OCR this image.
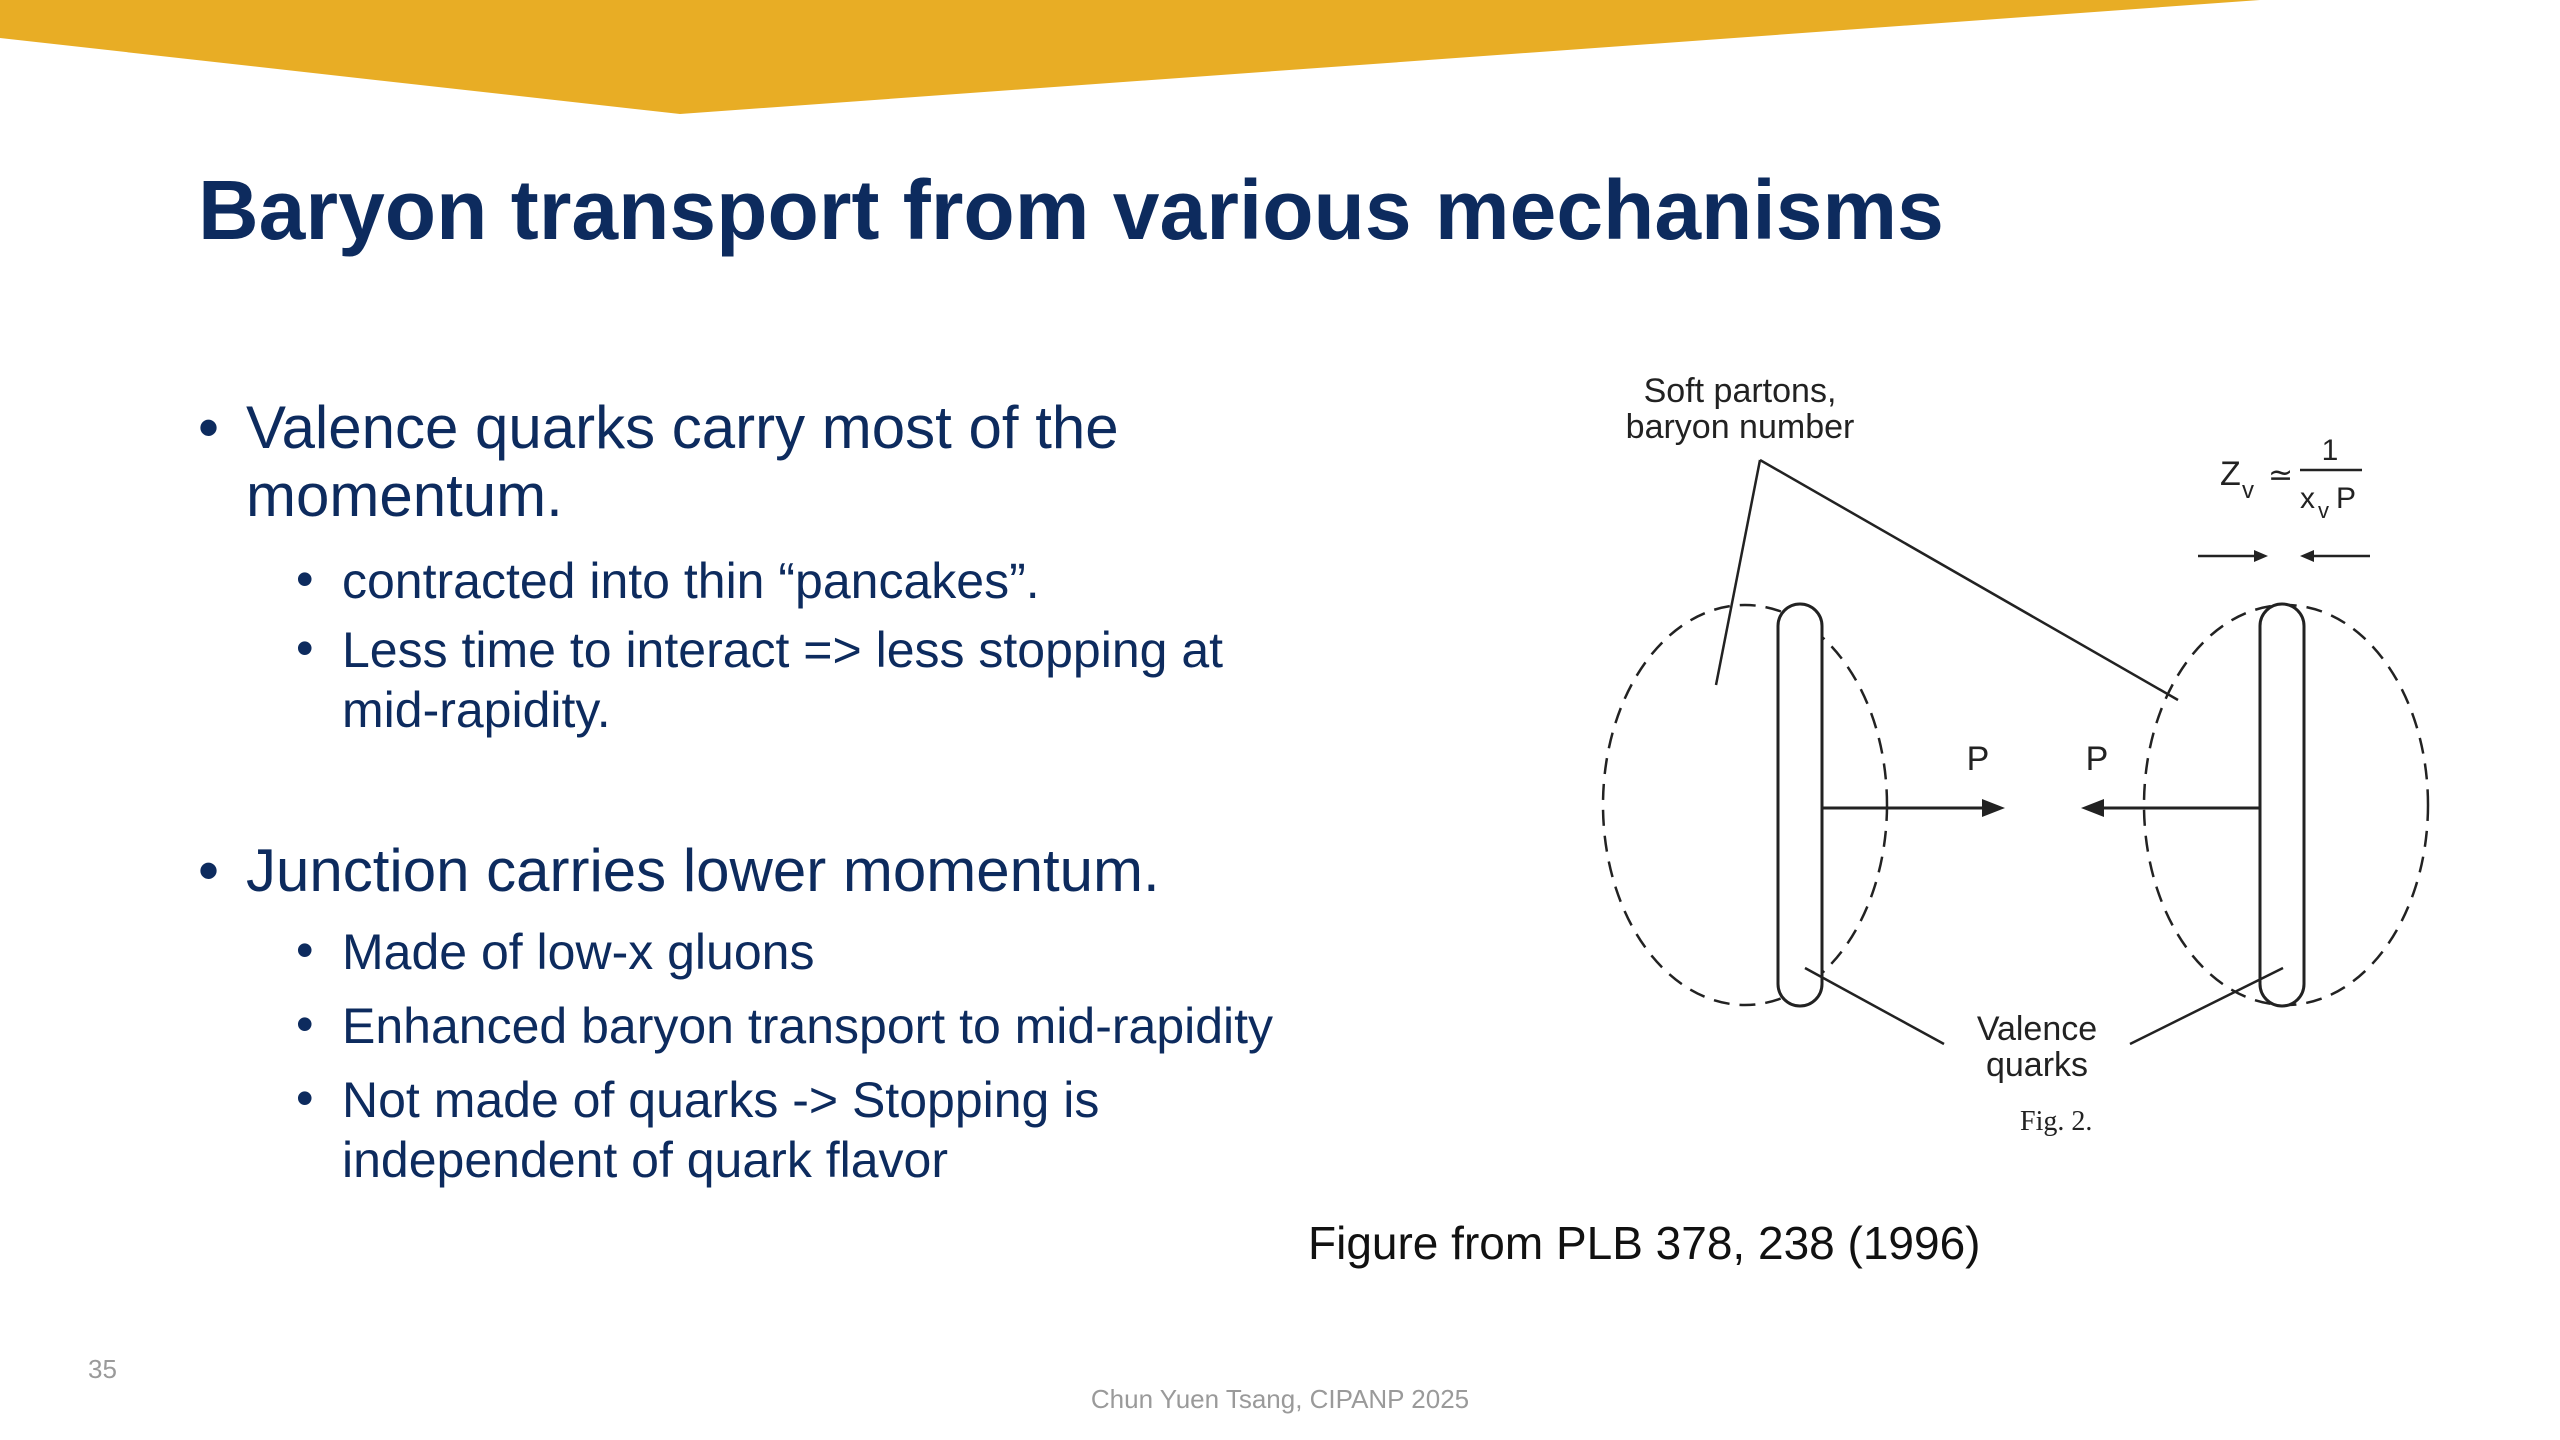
Baryon transport from various mechanisms
• Valence quarks carry most of the
momentum.
• contracted into thin “pancakes”.
• Less time to interact => less stopping at
mid-rapidity.
• Junction carries lower momentum.
• Made of low-x gluons
• Enhanced baryon transport to mid-rapidity
• Not made of quarks -> Stopping is
independent of quark flavor
Soft partons,
baryon number
Z v ≃
1
x v P
P	P
Valence
quarks
Fig. 2.
Figure from PLB 378, 238 (1996)
35
Chun Yuen Tsang, CIPANP 2025
